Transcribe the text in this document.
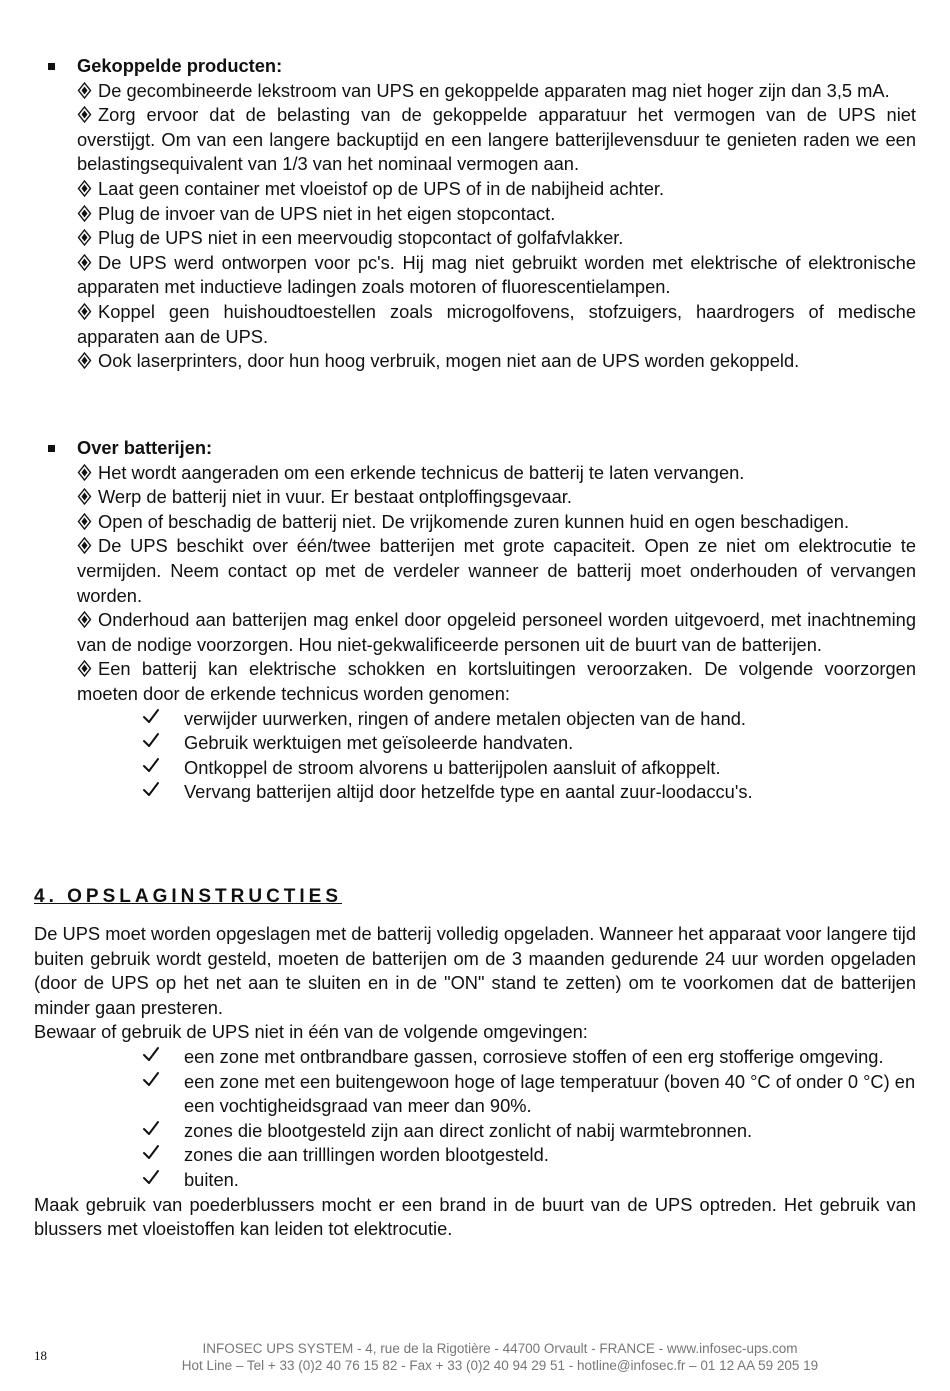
Gekoppelde producten:
De gecombineerde lekstroom van UPS en gekoppelde apparaten mag niet hoger zijn dan 3,5 mA.
Zorg ervoor dat de belasting van de gekoppelde apparatuur het vermogen van de UPS niet overstijgt. Om van een langere backuptijd en een langere batterijlevensduur te genieten raden we een belastingsequivalent van 1/3 van het nominaal vermogen aan.
Laat geen container met vloeistof op de UPS of in de nabijheid achter.
Plug de invoer van de UPS niet in het eigen stopcontact.
Plug de UPS niet in een meervoudig stopcontact of golfafvlakker.
De UPS werd ontworpen voor pc's. Hij mag niet gebruikt worden met elektrische of elektronische apparaten met inductieve ladingen zoals motoren of fluorescentielampen.
Koppel geen huishoudtoestellen zoals microgolfovens, stofzuigers, haardrogers of medische apparaten aan de UPS.
Ook laserprinters, door hun hoog verbruik, mogen niet aan de UPS worden gekoppeld.
Over batterijen:
Het wordt aangeraden om een erkende technicus de batterij te laten vervangen.
Werp de batterij niet in vuur. Er bestaat ontploffingsgevaar.
Open of beschadig de batterij niet. De vrijkomende zuren kunnen huid en ogen beschadigen.
De UPS beschikt over één/twee batterijen met grote capaciteit. Open ze niet om elektrocutie te vermijden. Neem contact op met de verdeler wanneer de batterij moet onderhouden of vervangen worden.
Onderhoud aan batterijen mag enkel door opgeleid personeel worden uitgevoerd, met inachtneming van de nodige voorzorgen. Hou niet-gekwalificeerde personen uit de buurt van de batterijen.
Een batterij kan elektrische schokken en kortsluitingen veroorzaken. De volgende voorzorgen moeten door de erkende technicus worden genomen:
verwijder uurwerken, ringen of andere metalen objecten van de hand.
Gebruik werktuigen met geïsoleerde handvaten.
Ontkoppel de stroom alvorens u batterijpolen aansluit of afkoppelt.
Vervang batterijen altijd door hetzelfde type en aantal zuur-loodaccu's.
4. OPSLAGINSTRUCTIES

De UPS moet worden opgeslagen met de batterij volledig opgeladen. Wanneer het apparaat voor langere tijd buiten gebruik wordt gesteld, moeten de batterijen om de 3 maanden gedurende 24 uur worden opgeladen (door de UPS op het net aan te sluiten en in de "ON" stand te zetten) om te voorkomen dat de batterijen minder gaan presteren.

Bewaar of gebruik de UPS niet in één van de volgende omgevingen:

een zone met ontbrandbare gassen, corrosieve stoffen of een erg stofferige omgeving.
een zone met een buitengewoon hoge of lage temperatuur (boven 40 °C of onder 0 °C) en een vochtigheidsgraad van meer dan 90%.
zones die blootgesteld zijn aan direct zonlicht of nabij warmtebronnen.
zones die aan trilllingen worden blootgesteld.
buiten.

Maak gebruik van poederblussers mocht er een brand in de buurt van de UPS optreden. Het gebruik van blussers met vloeistoffen kan leiden tot elektrocutie.

18	INFOSEC UPS SYSTEM - 4, rue de la Rigotière - 44700 Orvault - FRANCE - www.infosec-ups.com
Hot Line – Tel + 33 (0)2 40 76 15 82 - Fax + 33 (0)2 40 94 29 51 - hotline@infosec.fr – 01 12 AA 59 205 19
